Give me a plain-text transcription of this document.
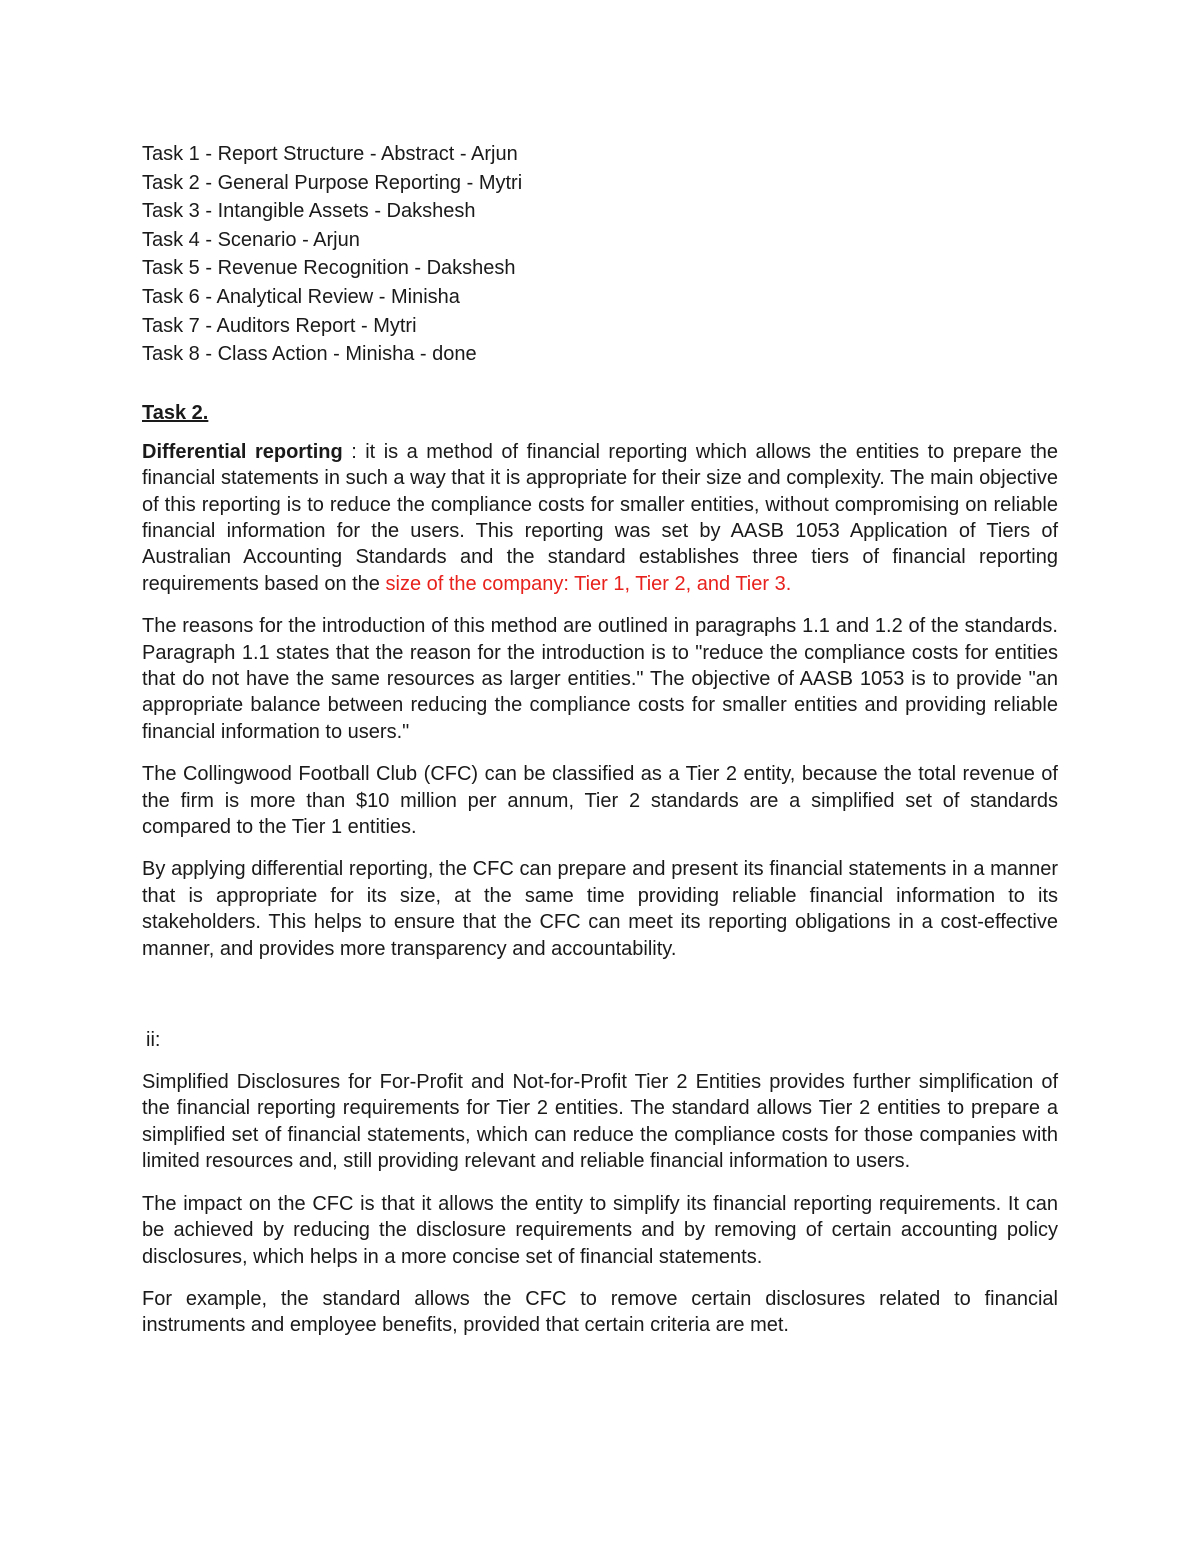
Task 1 - Report Structure - Abstract - Arjun
Task 2 - General Purpose Reporting - Mytri
Task 3 - Intangible Assets - Dakshesh
Task 4 - Scenario - Arjun
Task 5 - Revenue Recognition - Dakshesh
Task 6 - Analytical Review - Minisha
Task 7 - Auditors Report - Mytri
Task 8 - Class Action - Minisha - done
Task 2.

Differential reporting : it is a method of financial reporting which allows the entities to prepare the financial statements in such a way that it is appropriate for their size and complexity. The main objective of this reporting is to reduce the compliance costs for smaller entities, without compromising on reliable financial information for the users. This reporting was set by AASB 1053 Application of Tiers of Australian Accounting Standards and the standard establishes three tiers of financial reporting requirements based on the size of the company: Tier 1, Tier 2, and Tier 3.

The reasons for the introduction of this method are outlined in paragraphs 1.1 and 1.2 of the standards. Paragraph 1.1 states that the reason for the introduction is to "reduce the compliance costs for entities that do not have the same resources as larger entities." The objective of AASB 1053 is to provide "an appropriate balance between reducing the compliance costs for smaller entities and providing reliable financial information to users."

The Collingwood Football Club (CFC) can be classified as a Tier 2 entity, because the total revenue of the firm is more than $10 million per annum, Tier 2 standards are a simplified set of standards compared to the Tier 1 entities.

By applying differential reporting, the CFC can prepare and present its financial statements in a manner that is appropriate for its size, at the same time providing reliable financial information to its stakeholders. This helps to ensure that the CFC can meet its reporting obligations in a cost-effective manner, and provides more transparency and accountability.

ii:

Simplified Disclosures for For-Profit and Not-for-Profit Tier 2 Entities provides further simplification of the financial reporting requirements for Tier 2 entities. The standard allows Tier 2 entities to prepare a simplified set of financial statements, which can reduce the compliance costs for those companies with limited resources and, still providing relevant and reliable financial information to users.

The impact on the CFC is that it allows the entity to simplify its financial reporting requirements. It can be achieved by reducing the disclosure requirements and by removing of certain accounting policy disclosures, which helps in a more concise set of financial statements.

For example, the standard allows the CFC to remove certain disclosures related to financial instruments and employee benefits, provided that certain criteria are met.
